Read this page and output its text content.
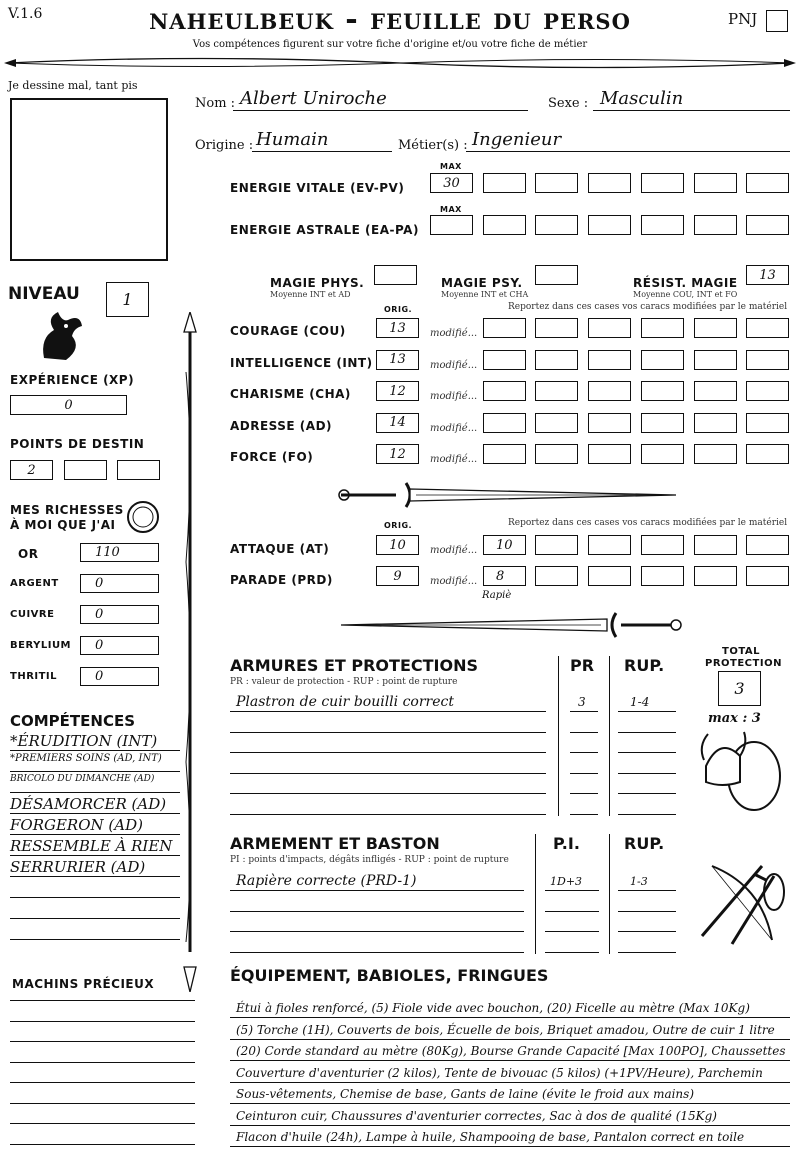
V.1.6	naheulbeuk - feuille du perso
Vos compétences figurent sur votre fiche d'origine et/ou votre fiche de métier
PNJ
Je dessine mal, tant pis
Nom : Albert Uniroche	Sexe : Masculin
Origine : Humain	Métier(s) : Ingenieur
MAX
ENERGIE VITALE (EV-PV)	30
MAX
ENERGIE ASTRALE (EA-PA)
MAGIE PHYS.
Moyenne INT et AD
MAGIE PSY.
Moyenne INT et CHA
RÉSIST. MAGIE
Moyenne COU, INT et FO
13
ORIG.	Reportez dans ces cases vos caracs modifiées par le matériel
COURAGE (COU)	13	modifié...
INTELLIGENCE (INT)	13	modifié...
CHARISME (CHA)	12	modifié...
ADRESSE (AD)	14	modifié...
FORCE (FO)	12	modifié...
ORIG.	Reportez dans ces cases vos caracs modifiées par le matériel
ATTAQUE (AT)	10	modifié...	10
PARADE (PRD)	9	modifié...	8
Rapiè
NIVEAU	1
EXPÉRIENCE (XP)
0
POINTS DE DESTIN
2
MES RICHESSES
À MOI QUE J'AI
OR	110
ARGENT	0
CUIVRE	0
BERYLIUM	0
THRITIL	0
COMPÉTENCES
*ÉRUDITION (INT)
*PREMIERS SOINS (AD, INT)
BRICOLO DU DIMANCHE (AD)
DÉSAMORCER (AD)
FORGERON (AD)
RESSEMBLE À RIEN
SERRURIER (AD)
MACHINS PRÉCIEUX
ARMURES ET PROTECTIONS
PR : valeur de protection - RUP : point de rupture
PR RUP.
Plastron de cuir bouilli correct	3	1-4
TOTAL
PROTECTION
3
max : 3
ARMEMENT ET BASTON
PI : points d'impacts, dégâts infligés - RUP : point de rupture
P.I.	RUP.
Rapière correcte (PRD-1)	1D+3	1-3
ÉQUIPEMENT, BABIOLES, FRINGUES
Étui à fioles renforcé, (5) Fiole vide avec bouchon, (20) Ficelle au mètre (Max 10Kg)
(5) Torche (1H), Couverts de bois, Écuelle de bois, Briquet amadou, Outre de cuir 1 litre
(20) Corde standard au mètre (80Kg), Bourse Grande Capacité [Max 100PO], Chaussettes
Couverture d'aventurier (2 kilos), Tente de bivouac (5 kilos) (+1PV/Heure), Parchemin
Sous-vêtements, Chemise de base, Gants de laine (évite le froid aux mains)
Ceinturon cuir, Chaussures d'aventurier correctes, Sac à dos de qualité (15Kg)
Flacon d'huile (24h), Lampe à huile, Shampooing de base, Pantalon correct en toile
